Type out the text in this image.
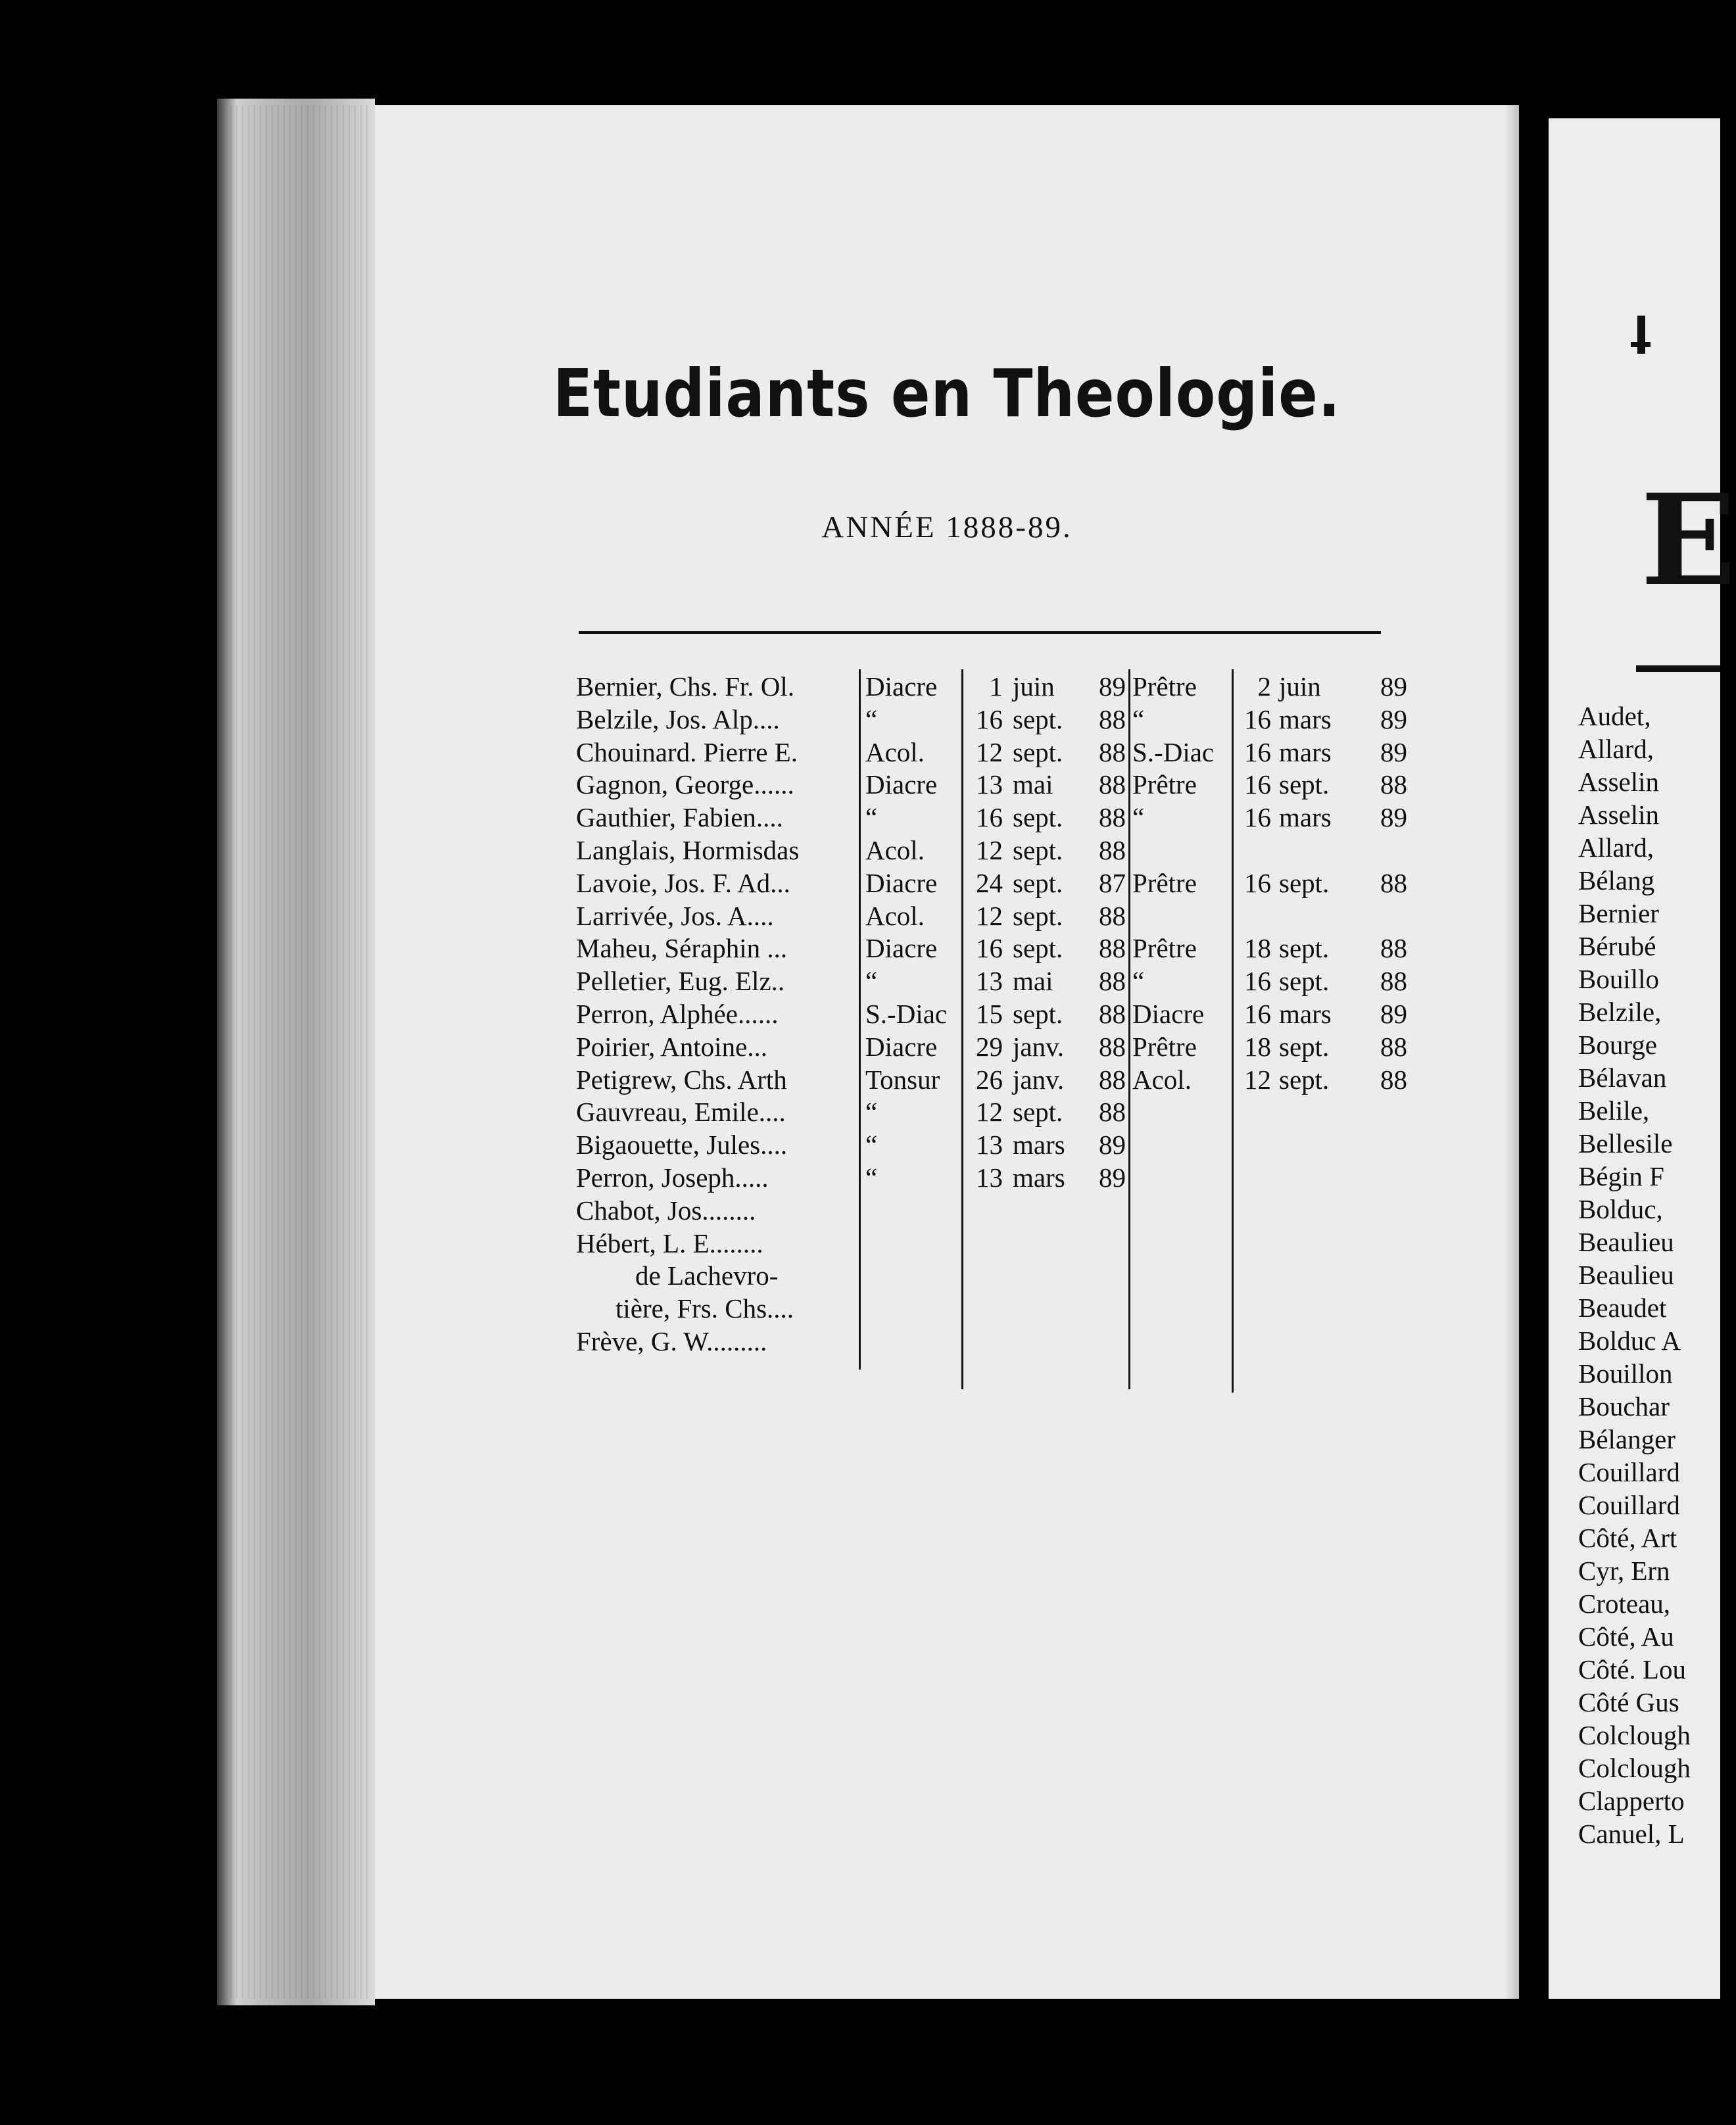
Etudiants en Theologie.
ANNÉE 1888-89.
Bernier, Chs. Fr. Ol.	Diacre	1 juin	89 Prêtre	2 juin	89
Belzile, Jos. Alp....	“	16 sept.	88 “	16 mars	89
Chouinard. Pierre E.	Acol.	12 sept.	88 S.-Diac	16 mars	89
Gagnon, George......	Diacre	13 mai	88 Prêtre	16 sept.	88
Gauthier, Fabien....	“	16 sept.	88 “	16 mars	89
Langlais, Hormisdas	Acol.	12 sept.	88
Lavoie, Jos. F. Ad...	Diacre	24 sept.	87 Prêtre	16 sept.	88
Larrivée, Jos. A....	Acol.	12 sept.	88
Maheu, Séraphin ...	Diacre	16 sept.	88 Prêtre	18 sept.	88
Pelletier, Eug. Elz..	“	13 mai	88 “	16 sept.	88
Perron, Alphée......	S.-Diac	15 sept.	88 Diacre	16 mars	89
Poirier, Antoine...	Diacre	29 janv.	88 Prêtre	18 sept.	88
Petigrew, Chs. Arth	Tonsur	26 janv.	88 Acol.	12 sept.	88
Gauvreau, Emile....	“	12 sept.	88
Bigaouette, Jules....	“	13 mars	89
Perron, Joseph.....	“	13 mars	89
Chabot, Jos........
Hébert, L. E........
de Lachevro-
tière, Frs. Chs....
Frève, G. W.........
E
Audet,
Allard,
Asselin
Asselin
Allard,
Bélang
Bernier
Bérubé
Bouillo
Belzile,
Bourge
Bélavan
Belile,
Bellesile
Bégin F
Bolduc,
Beaulieu
Beaulieu
Beaudet
Bolduc A
Bouillon
Bouchar
Bélanger
Couillard
Couillard
Côté, Art
Cyr, Ern
Croteau,
Côté, Au
Côté. Lou
Côté Gus
Colclough
Colclough
Clapperto
Canuel, L
